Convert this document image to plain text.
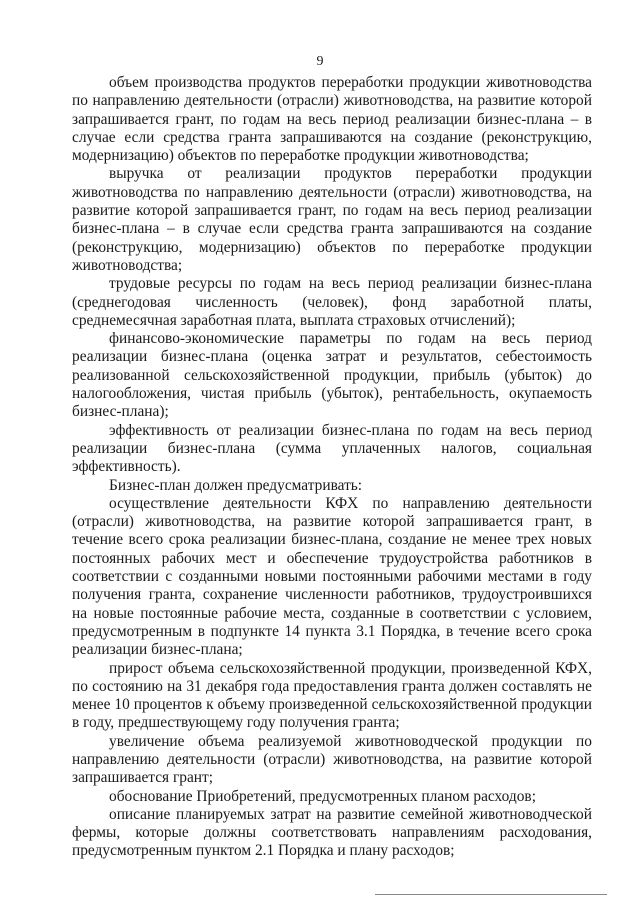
9

объем производства продуктов переработки продукции животноводства по направлению деятельности (отрасли) животноводства, на развитие которой запрашивается грант, по годам на весь период реализации бизнес-плана – в случае если средства гранта запрашиваются на создание (реконструкцию, модернизацию) объектов по переработке продукции животноводства;

выручка от реализации продуктов переработки продукции животноводства по направлению деятельности (отрасли) животноводства, на развитие которой запрашивается грант, по годам на весь период реализации бизнес-плана – в случае если средства гранта запрашиваются на создание (реконструкцию, модернизацию) объектов по переработке продукции животноводства;

трудовые ресурсы по годам на весь период реализации бизнес-плана (среднегодовая численность (человек), фонд заработной платы, среднемесячная заработная плата, выплата страховых отчислений);

финансово-экономические параметры по годам на весь период реализации бизнес-плана (оценка затрат и результатов, себестоимость реализованной сельскохозяйственной продукции, прибыль (убыток) до налогообложения, чистая прибыль (убыток), рентабельность, окупаемость бизнес-плана);

эффективность от реализации бизнес-плана по годам на весь период реализации бизнес-плана (сумма уплаченных налогов, социальная эффективность).

Бизнес-план должен предусматривать:

осуществление деятельности КФХ по направлению деятельности (отрасли) животноводства, на развитие которой запрашивается грант, в течение всего срока реализации бизнес-плана, создание не менее трех новых постоянных рабочих мест и обеспечение трудоустройства работников в соответствии с созданными новыми постоянными рабочими местами в году получения гранта, сохранение численности работников, трудоустроившихся на новые постоянные рабочие места, созданные в соответствии с условием, предусмотренным в подпункте 14 пункта 3.1 Порядка, в течение всего срока реализации бизнес-плана;

прирост объема сельскохозяйственной продукции, произведенной КФХ, по состоянию на 31 декабря года предоставления гранта должен составлять не менее 10 процентов к объему произведенной сельскохозяйственной продукции в году, предшествующему году получения гранта;

увеличение объема реализуемой животноводческой продукции по направлению деятельности (отрасли) животноводства, на развитие которой запрашивается грант;

обоснование Приобретений, предусмотренных планом расходов;

описание планируемых затрат на развитие семейной животноводческой фермы, которые должны соответствовать направлениям расходования, предусмотренным пунктом 2.1 Порядка и плану расходов;
